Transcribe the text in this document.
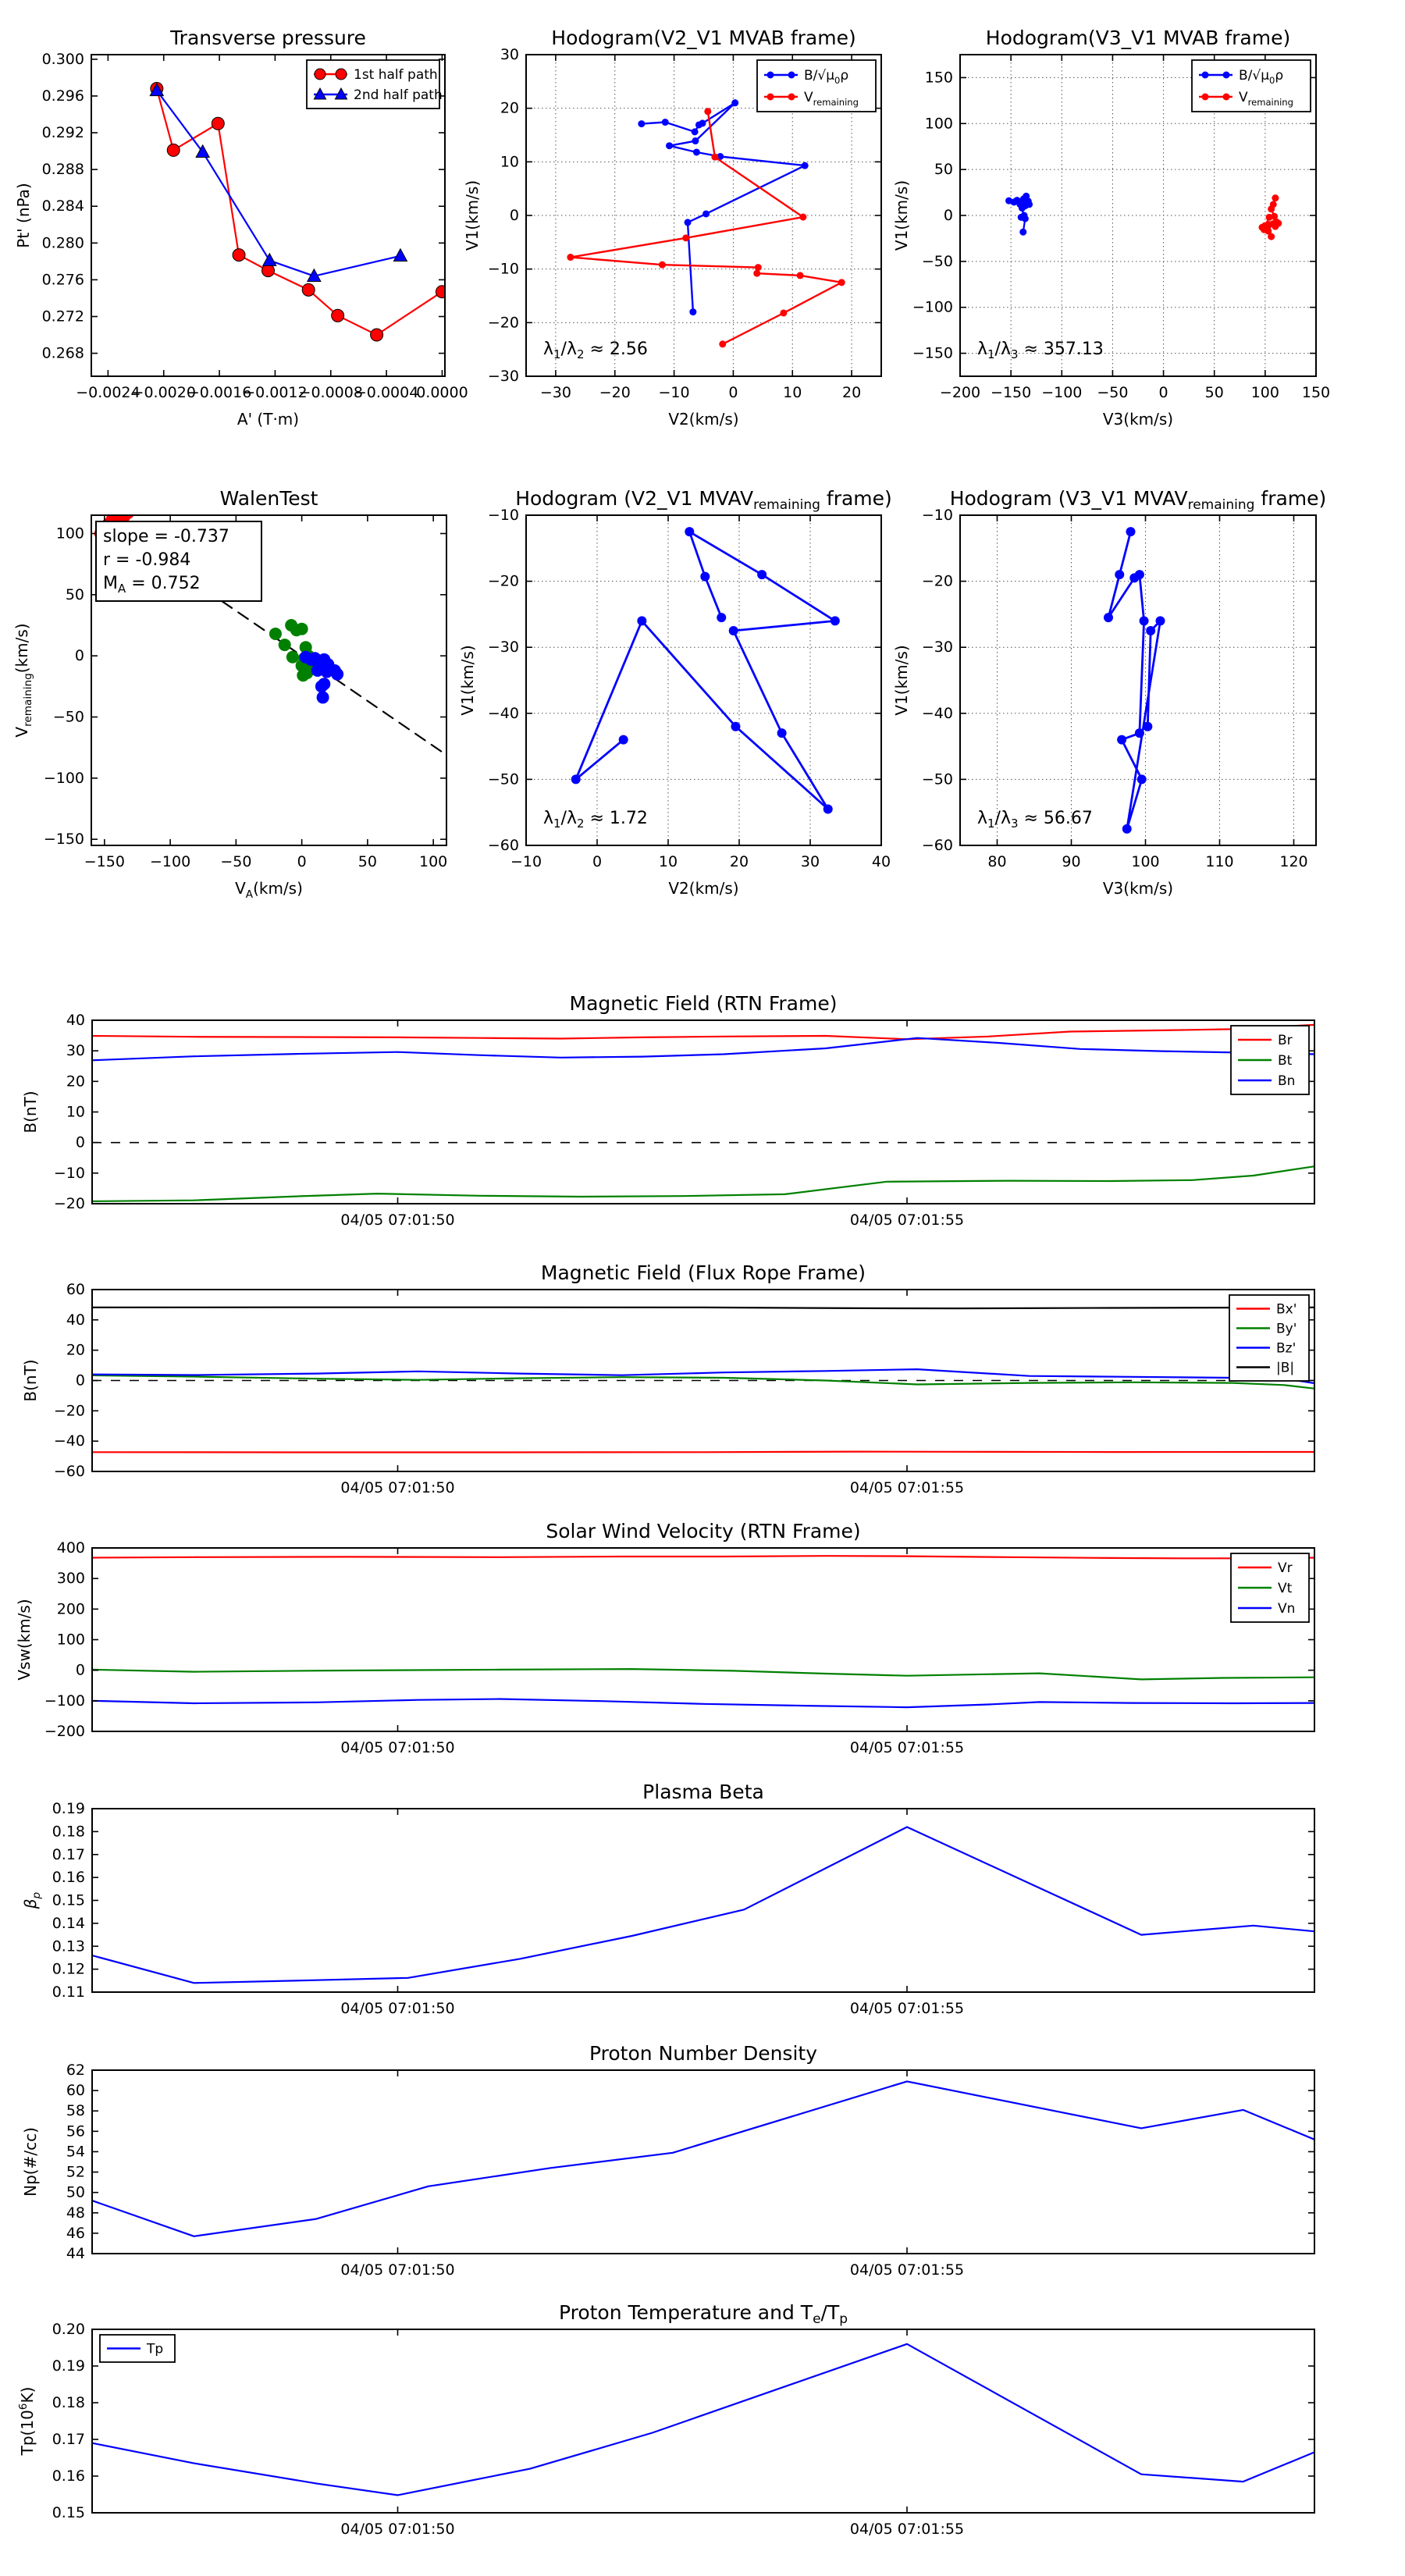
−0.0024
−0.0020
−0.0016
−0.0012
−0.0008
−0.0004
0.0000
0.268
0.272
0.276
0.280
0.284
0.288
0.292
0.296
0.300
Transverse pressure
A' (T·m)
Pt' (nPa)
1st half path
2nd half path
−30 −20 −10	0	10	20
−30
−20
−10
0
10
20
30
Hodogram(V2_V1 MVAB frame)
V2(km/s)
V1(km/s)
$B/√\mu_0\rho$
$V_{remaining}$
$\lambda_1/\lambda_2 \approx 2.56$
−200 −150 −100 −50 0 50 100 150
−150
−100
−50
0
50
100
150
Hodogram(V3_V1 MVAB frame)
V3(km/s)
V1(km/s)
$B/√\mu_0\rho$
$V_{remaining}$
$\lambda_1/\lambda_3 \approx 357.13$
−150 −100 −50	0	50	100
−150
−100
−50
0
50
100
WalenTest
$V_A(km/s)$
$V_{remaining}(km/s)$
slope = -0.737
r = -0.984
$M_A = 0.752$
−10	0	10	20	30	40
−60
−50
−40
−30
−20
−10
Hodogram (V2_V1 $MVAV_{remaining}$ frame)
V2(km/s)
V1(km/s)
$\lambda_1/\lambda_2 \approx 1.72$
80	90	100	110	120
−60
−50
−40
−30
−20
−10
Hodogram (V3_V1 $MVAV_{remaining}$ frame)
V3(km/s)
V1(km/s)
$\lambda_1/\lambda_3 \approx 56.67$
04/05 07:01:50	04/05 07:01:55
−20
−10
0
10
20
30
40
Magnetic Field (RTN Frame)
B(nT)
Br
Bt
Bn
04/05 07:01:50	04/05 07:01:55
−60
−40
−20
0
20
40
60
Magnetic Field (Flux Rope Frame)
B(nT)
Bx'
By'
Bz'
|B|
04/05 07:01:50	04/05 07:01:55
−200
−100
0
100
200
300
400
Solar Wind Velocity (RTN Frame)
Vsw(km/s)
Vr
Vt
Vn
04/05 07:01:50	04/05 07:01:55
0.11
0.12
0.13
0.14
0.15
0.16
0.17
0.18
0.19
Plasma Beta
$\beta_p$
04/05 07:01:50	04/05 07:01:55
44
46
48
50
52
54
56
58
60
62
Proton Number Density
Np(#/cc)
04/05 07:01:50	04/05 07:01:55
0.15
0.16
0.17
0.18
0.19
0.20
Proton Temperature and $T_e/T_p$
$Tp(10^6K)$
Tp
